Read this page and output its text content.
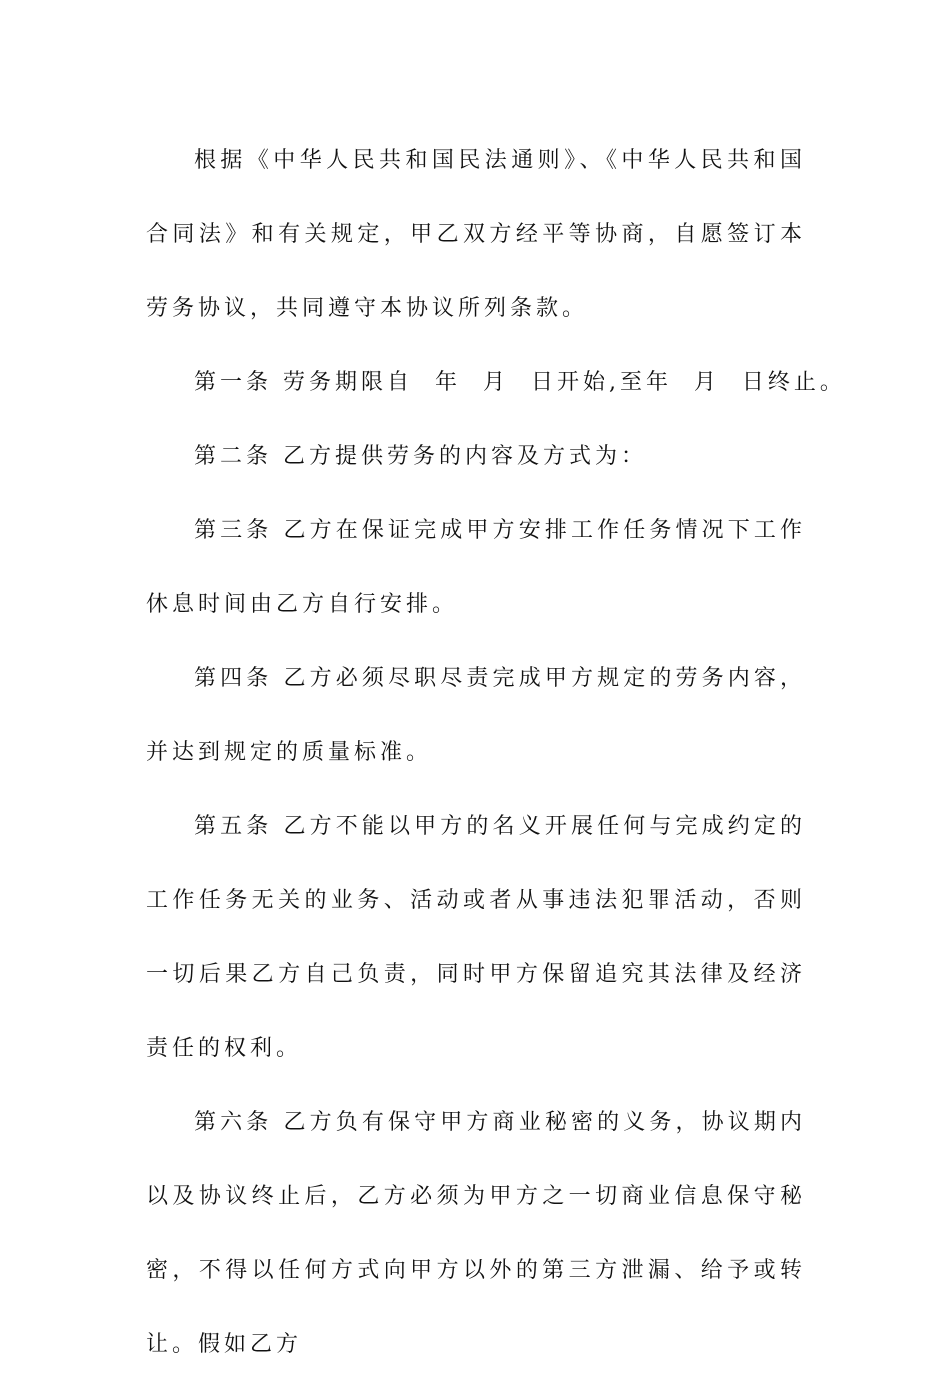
根据《中华人民共和国民法通则》、《中华人民共和国合同法》和有关规定，甲乙双方经平等协商，自愿签订本劳务协议，共同遵守本协议所列条款。

第一条 劳务期限自  年  月  日开始,至年  月  日终止。

第二条 乙方提供劳务的内容及方式为：

第三条 乙方在保证完成甲方安排工作任务情况下工作休息时间由乙方自行安排。

第四条 乙方必须尽职尽责完成甲方规定的劳务内容，并达到规定的质量标准。

第五条 乙方不能以甲方的名义开展任何与完成约定的工作任务无关的业务、活动或者从事违法犯罪活动，否则一切后果乙方自己负责，同时甲方保留追究其法律及经济责任的权利。

第六条 乙方负有保守甲方商业秘密的义务，协议期内以及协议终止后，乙方必须为甲方之一切商业信息保守秘密，不得以任何方式向甲方以外的第三方泄漏、给予或转让。假如乙方
